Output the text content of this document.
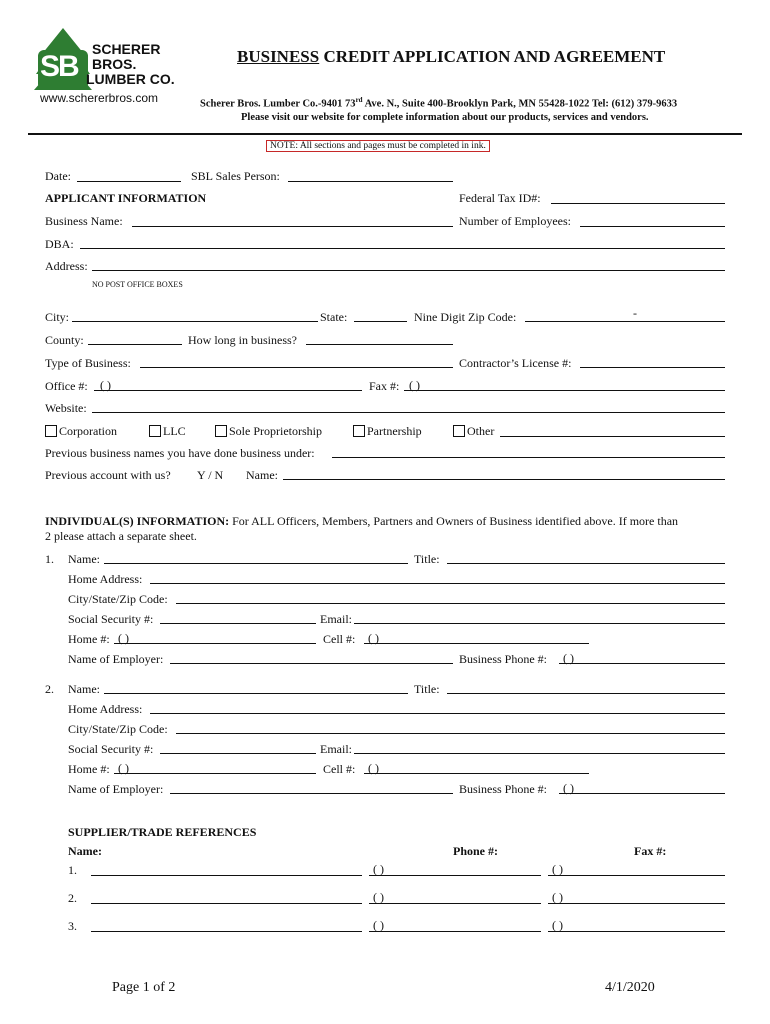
SB
SCHERER
BROS.
LUMBER CO.
www.schererbros.com
BUSINESS CREDIT APPLICATION AND AGREEMENT
Scherer Bros. Lumber Co.-9401 73rd Ave. N., Suite 400-Brooklyn Park, MN 55428-1022 Tel: (612) 379-9633
Please visit our website for complete information about our products, services and vendors.
NOTE: All sections and pages must be completed in ink.
Date:	SBL Sales Person:
APPLICANT INFORMATION	Federal Tax ID#:
Business Name:	Number of Employees:
DBA:
Address:
NO POST OFFICE BOXES
City:	State:	Nine Digit Zip Code:	-
County:	How long in business?
Type of Business:	Contractor’s License #:
Office #: ( )	Fax #: ( )
Website:
Corporation	LLC	Sole Proprietorship	Partnership	Other
Previous business names you have done business under:
Previous account with us? Y / N Name:
INDIVIDUAL(S) INFORMATION: For ALL Officers, Members, Partners and Owners of Business identified above. If more than
2 please attach a separate sheet.
1. Name:	Title:
Home Address:
City/State/Zip Code:
Social Security #:	Email:
Home #: ( )	Cell #: ( )
Name of Employer:	Business Phone #: ( )
2. Name:	Title:
Home Address:
City/State/Zip Code:
Social Security #:	Email:
Home #: ( )	Cell #: ( )
Name of Employer:	Business Phone #: ( )
SUPPLIER/TRADE REFERENCES
Name:	Phone #:	Fax #:
1.	( )	( )
2.	( )	( )
3.	( )	( )
Page 1 of 2	4/1/2020
